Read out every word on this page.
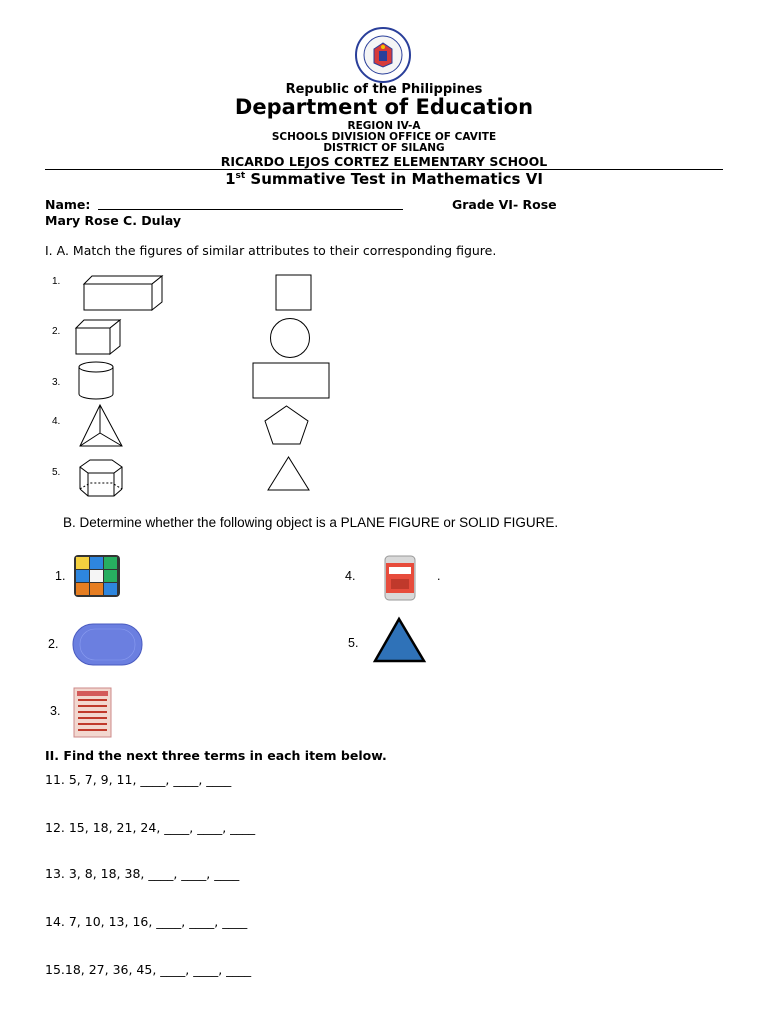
Republic of the Philippines
Department of Education
REGION IV-A
SCHOOLS DIVISION OFFICE OF CAVITE
DISTRICT OF SILANG
RICARDO LEJOS CORTEZ ELEMENTARY SCHOOL
1st Summative Test in Mathematics VI
Name:	Grade VI- Rose
Mary Rose C. Dulay
I. A. Match the figures of similar attributes to their corresponding figure.
1.
2.
3.
4.
5.
B. Determine whether the following object is a PLANE FIGURE or SOLID FIGURE.
1.
2.
3.
4.	.
5.
II. Find the next three terms in each item below.
11. 5, 7, 9, 11, ____, ____, ____
12. 15, 18, 21, 24, ____, ____, ____
13. 3, 8, 18, 38, ____, ____, ____
14. 7, 10, 13, 16, ____, ____, ____
15.18, 27, 36, 45, ____, ____, ____
